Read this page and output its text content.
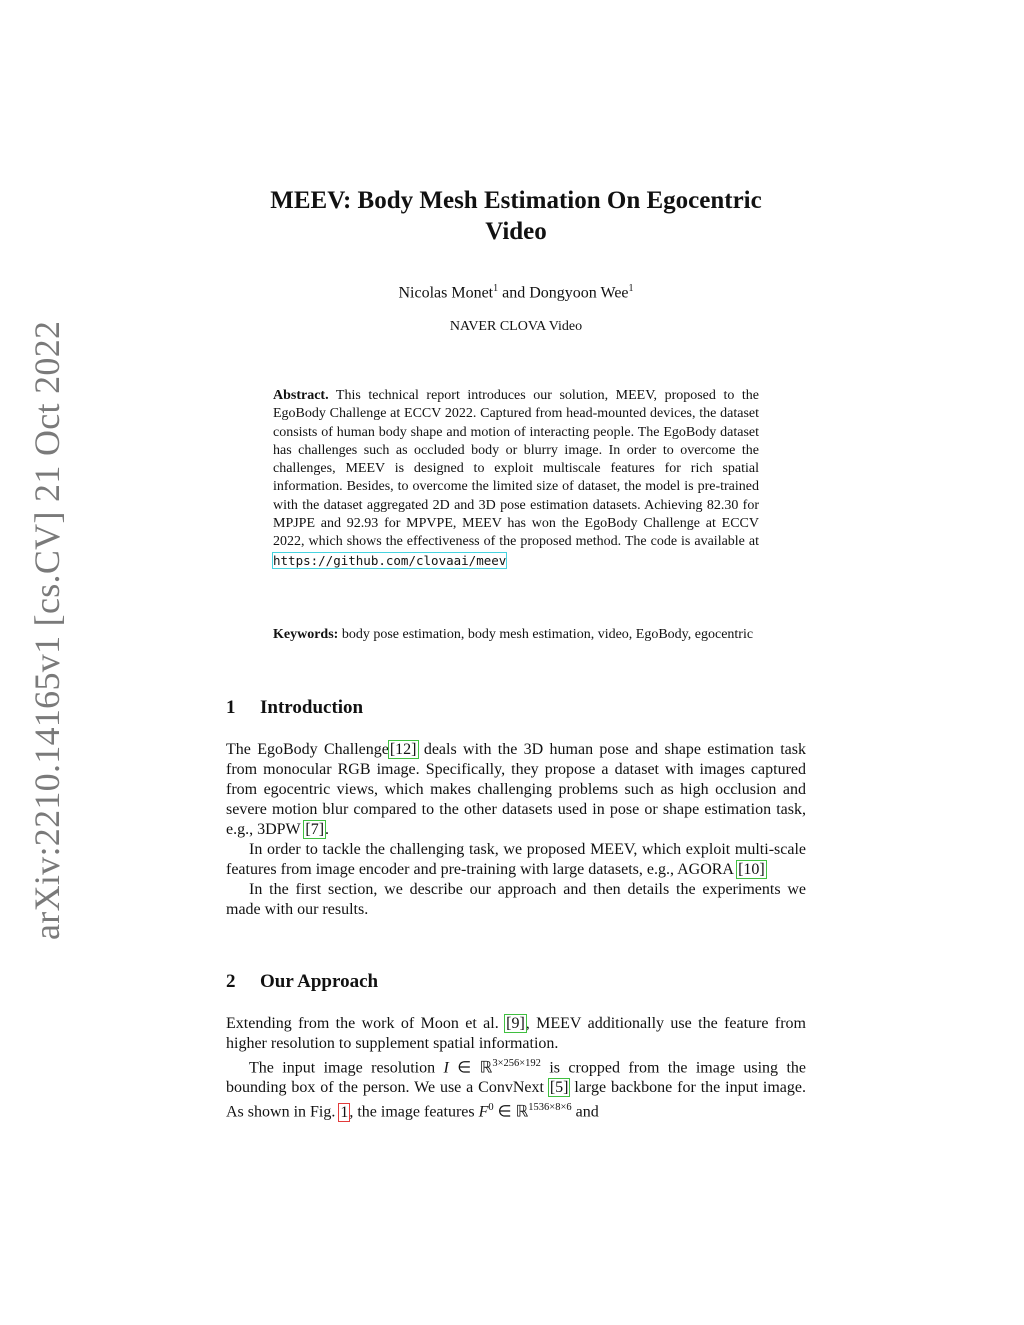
arXiv:2210.14165v1 [cs.CV] 21 Oct 2022
MEEV: Body Mesh Estimation On Egocentric
Video
Nicolas Monet$^1$ and Dongyoon Wee$^1$
NAVER CLOVA Video
Abstract. This technical report introduces our solution, MEEV, proposed to the EgoBody Challenge at ECCV 2022. Captured from head-mounted devices, the dataset consists of human body shape and motion of interacting people. The EgoBody dataset has challenges such as occluded body or blurry image. In order to overcome the challenges, MEEV is designed to exploit multiscale features for rich spatial information. Besides, to overcome the limited size of dataset, the model is pre-trained with the dataset aggregated 2D and 3D pose estimation datasets. Achieving 82.30 for MPJPE and 92.93 for MPVPE, MEEV has won the EgoBody Challenge at ECCV 2022, which shows the effectiveness of the proposed method. The code is available at https://github.com/clovaai/meev
Keywords: body pose estimation, body mesh estimation, video, EgoBody, egocentric
1 Introduction

The EgoBody Challenge[12] deals with the 3D human pose and shape estimation task from monocular RGB image. Specifically, they propose a dataset with images captured from egocentric views, which makes challenging problems such as high occlusion and severe motion blur compared to the other datasets used in pose or shape estimation task, e.g., 3DPW [7].

In order to tackle the challenging task, we proposed MEEV, which exploit multi-scale features from image encoder and pre-training with large datasets, e.g., AGORA [10]

In the first section, we describe our approach and then details the experiments we made with our results.

2 Our Approach

Extending from the work of Moon et al. [9], MEEV additionally use the feature from higher resolution to supplement spatial information.

The input image resolution I ∈ ℝ$^{3\times 256\times 192}$ is cropped from the image using the bounding box of the person. We use a ConvNext [5] large backbone for the input image. As shown in Fig. 1, the image features $F^0$ ∈ ℝ$^{1536\times 8\times 6}$ and
